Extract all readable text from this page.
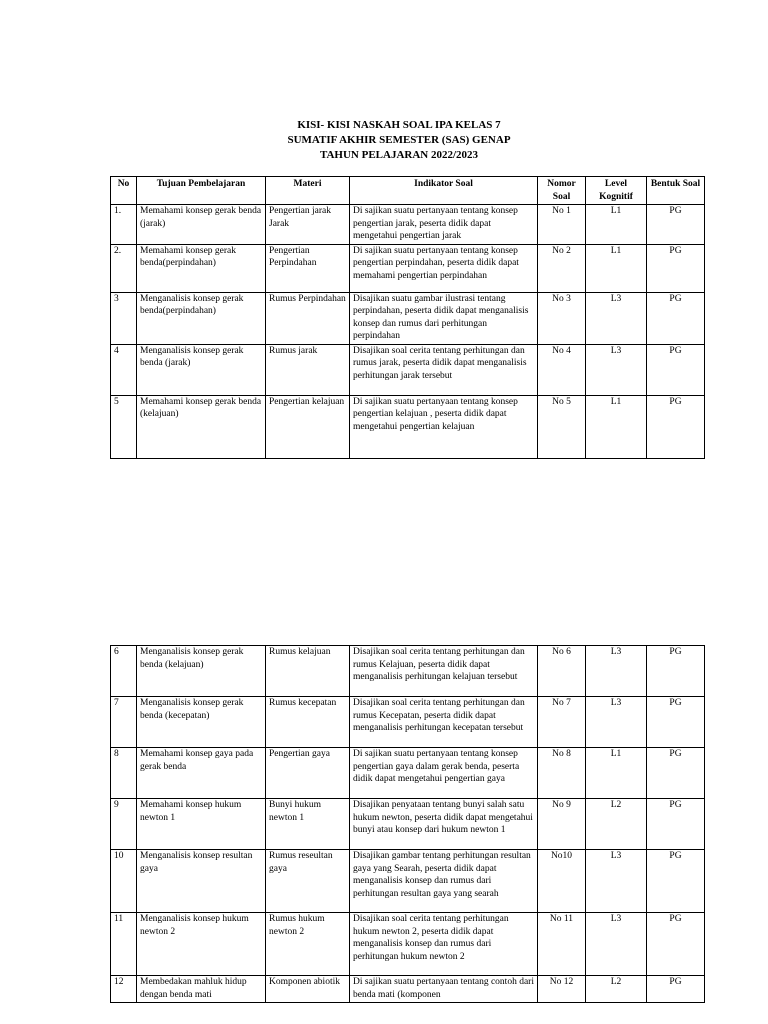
KISI- KISI NASKAH SOAL IPA KELAS 7
SUMATIF AKHIR SEMESTER (SAS) GENAP
TAHUN PELAJARAN 2022/2023
No	Tujuan Pembelajaran	Materi	Indikator Soal	Nomor Soal	Level Kognitif	Bentuk Soal
1.	Memahami konsep gerak benda (jarak)	Pengertian jarak Jarak	Di sajikan suatu pertanyaan tentang konsep pengertian jarak, peserta didik dapat mengetahui pengertian jarak	No 1	L1	PG
2.	Memahami konsep gerak benda(perpindahan)	Pengertian Perpindahan	Di sajikan suatu pertanyaan tentang konsep pengertian perpindahan, peserta didik dapat memahami pengertian perpindahan	No 2	L1	PG
3	Menganalisis konsep gerak benda(perpindahan)	Rumus Perpindahan	Disajikan suatu gambar ilustrasi tentang perpindahan, peserta didik dapat menganalisis konsep dan rumus dari perhitungan perpindahan	No 3	L3	PG
4	Menganalisis konsep gerak benda (jarak)	Rumus jarak	Disajikan soal cerita tentang perhitungan dan rumus jarak, peserta didik dapat menganalisis perhitungan jarak tersebut	No 4	L3	PG
5	Memahami konsep gerak benda (kelajuan)	Pengertian kelajuan	Di sajikan suatu pertanyaan tentang konsep pengertian kelajuan , peserta didik dapat mengetahui pengertian kelajuan	No 5	L1	PG
6	Menganalisis konsep gerak benda (kelajuan)	Rumus kelajuan	Disajikan soal cerita tentang perhitungan dan rumus Kelajuan, peserta didik dapat menganalisis perhitungan kelajuan tersebut	No 6	L3	PG
7	Menganalisis konsep gerak benda (kecepatan)	Rumus kecepatan	Disajikan soal cerita tentang perhitungan dan rumus Kecepatan, peserta didik dapat menganalisis perhitungan kecepatan tersebut	No 7	L3	PG
8	Memahami konsep gaya pada gerak benda	Pengertian gaya	Di sajikan suatu pertanyaan tentang konsep pengertian gaya dalam gerak benda, peserta didik dapat mengetahui pengertian gaya	No 8	L1	PG
9	Memahami konsep hukum newton 1	Bunyi hukum newton 1	Disajikan penyataan tentang bunyi salah satu hukum newton, peserta didik dapat mengetahui bunyi atau konsep dari hukum newton 1	No 9	L2	PG
10	Menganalisis konsep resultan gaya	Rumus reseultan gaya	Disajikan gambar tentang perhitungan resultan gaya yang Searah, peserta didik dapat menganalisis konsep dan rumus dari perhitungan resultan gaya yang searah	No10	L3	PG
11	Menganalisis konsep hukum newton 2	Rumus hukum newton 2	Disajikan soal cerita tentang perhitungan hukum newton 2, peserta didik dapat menganalisis konsep dan rumus dari perhitungan hukum newton 2	No 11	L3	PG
12	Membedakan mahluk hidup dengan benda mati	Komponen abiotik	Di sajikan suatu pertanyaan tentang contoh dari benda mati (komponen	No 12	L2	PG
